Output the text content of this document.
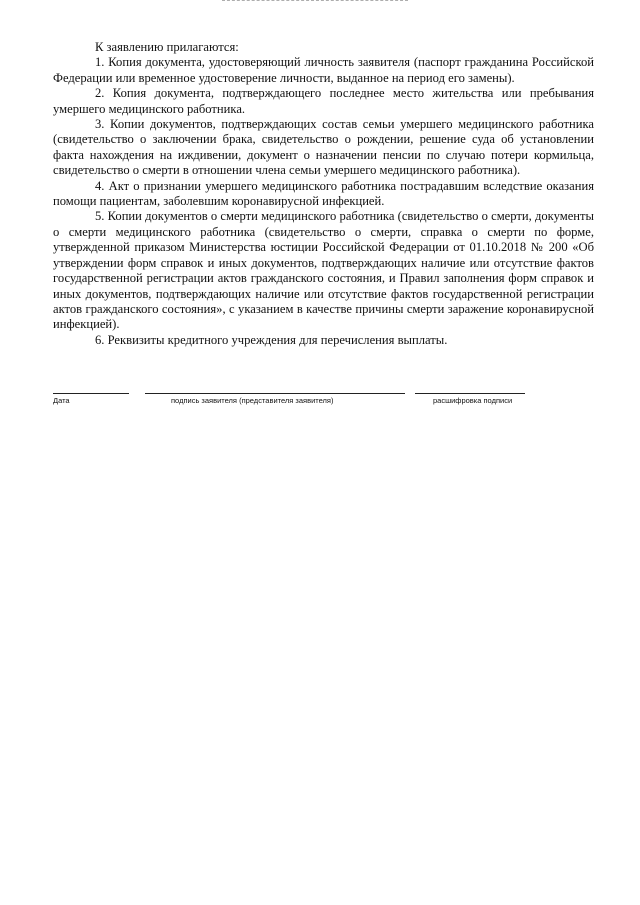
К заявлению прилагаются:

1. Копия документа, удостоверяющий личность заявителя (паспорт гражданина Российской Федерации или временное удостоверение личности, выданное на период его замены).

2. Копия документа, подтверждающего последнее место жительства или пребывания умершего медицинского работника.

3. Копии документов, подтверждающих состав семьи умершего медицинского работника (свидетельство о заключении брака, свидетельство о рождении, решение суда об установлении факта нахождения на иждивении, документ о назначении пенсии по случаю потери кормильца, свидетельство о смерти в отношении члена семьи умершего медицинского работника).

4. Акт о признании умершего медицинского работника пострадавшим вследствие оказания помощи пациентам, заболевшим коронавирусной инфекцией.

5. Копии документов о смерти медицинского работника (свидетельство о смерти, документы о смерти медицинского работника (свидетельство о смерти, справка о смерти по форме, утвержденной приказом Министерства юстиции Российской Федерации от 01.10.2018 № 200 «Об утверждении форм справок и иных документов, подтверждающих наличие или отсутствие фактов государственной регистрации актов гражданского состояния, и Правил заполнения форм справок и иных документов, подтверждающих наличие или отсутствие фактов государственной регистрации актов гражданского состояния», с указанием в качестве причины смерти заражение коронавирусной инфекцией).

6. Реквизиты кредитного учреждения для перечисления выплаты.

Дата	подпись заявителя (представителя заявителя)	расшифровка подписи
